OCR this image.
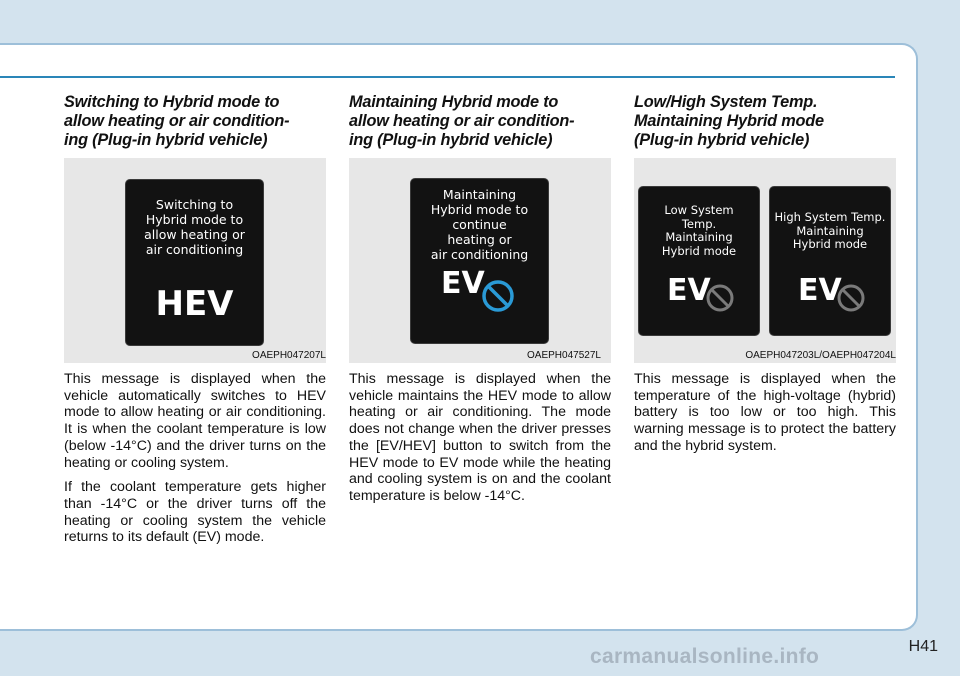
Switching to Hybrid mode to
allow heating or air condition-
ing (Plug-in hybrid vehicle)
Switching to
Hybrid mode to
allow heating or
air conditioning
HEV
OAEPH047207L

This message is displayed when the vehicle automatically switches to HEV mode to allow heating or air conditioning. It is when the coolant temperature is low (below -14°C) and the driver turns on the heating or cooling system.

If the coolant temperature gets higher than -14°C or the driver turns off the heating or cooling system the vehicle returns to its default (EV) mode.

Maintaining Hybrid mode to
allow heating or air condition-
ing (Plug-in hybrid vehicle)
Maintaining
Hybrid mode to
continue
heating or
air conditioning
EV
OAEPH047527L

This message is displayed when the vehicle maintains the HEV mode to allow heating or air conditioning. The mode does not change when the driver presses the [EV/HEV] button to switch from the HEV mode to EV mode while the heating and cooling system is on and the coolant temperature is below -14°C.

Low/High System Temp.
Maintaining Hybrid mode
(Plug-in hybrid vehicle)
Low System
Temp.
Maintaining
Hybrid mode
EV
High System Temp.
Maintaining
Hybrid mode
EV
OAEPH047203L/OAEPH047204L

This message is displayed when the temperature of the high-voltage (hybrid) battery is too low or too high. This warning message is to protect the battery and the hybrid system.

H41
carmanualsonline.info
